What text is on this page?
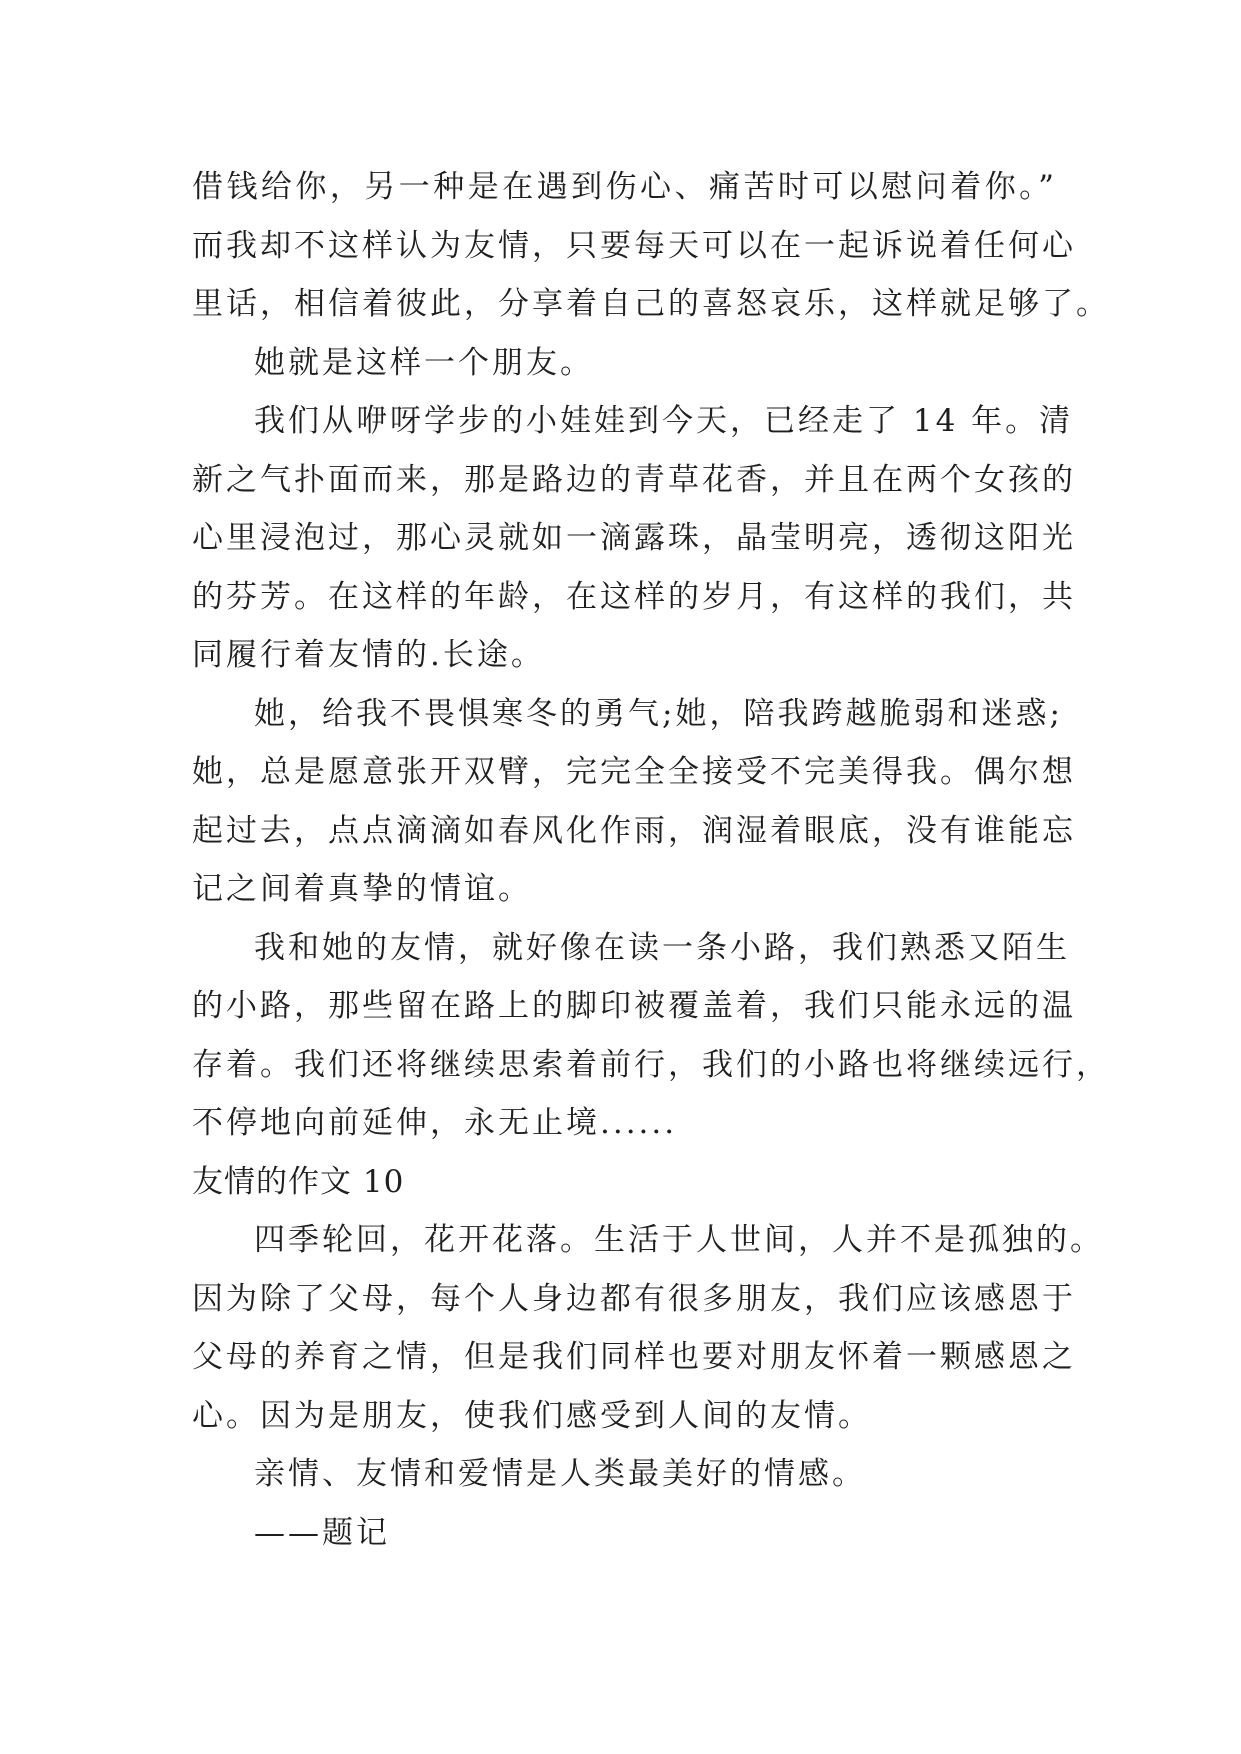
借钱给你，另一种是在遇到伤心、痛苦时可以慰问着你。”
而我却不这样认为友情，只要每天可以在一起诉说着任何心
里话，相信着彼此，分享着自己的喜怒哀乐，这样就足够了。

她就是这样一个朋友。

我们从咿呀学步的小娃娃到今天，已经走了 14 年。清
新之气扑面而来，那是路边的青草花香，并且在两个女孩的
心里浸泡过，那心灵就如一滴露珠，晶莹明亮，透彻这阳光
的芬芳。在这样的年龄，在这样的岁月，有这样的我们，共
同履行着友情的.长途。

她，给我不畏惧寒冬的勇气;她，陪我跨越脆弱和迷惑;
她，总是愿意张开双臂，完完全全接受不完美得我。偶尔想
起过去，点点滴滴如春风化作雨，润湿着眼底，没有谁能忘
记之间着真挚的情谊。

我和她的友情，就好像在读一条小路，我们熟悉又陌生
的小路，那些留在路上的脚印被覆盖着，我们只能永远的温
存着。我们还将继续思索着前行，我们的小路也将继续远行，
不停地向前延伸，永无止境......

友情的作文 10

四季轮回，花开花落。生活于人世间，人并不是孤独的。
因为除了父母，每个人身边都有很多朋友，我们应该感恩于
父母的养育之情，但是我们同样也要对朋友怀着一颗感恩之
心。因为是朋友，使我们感受到人间的友情。

亲情、友情和爱情是人类最美好的情感。

——题记
